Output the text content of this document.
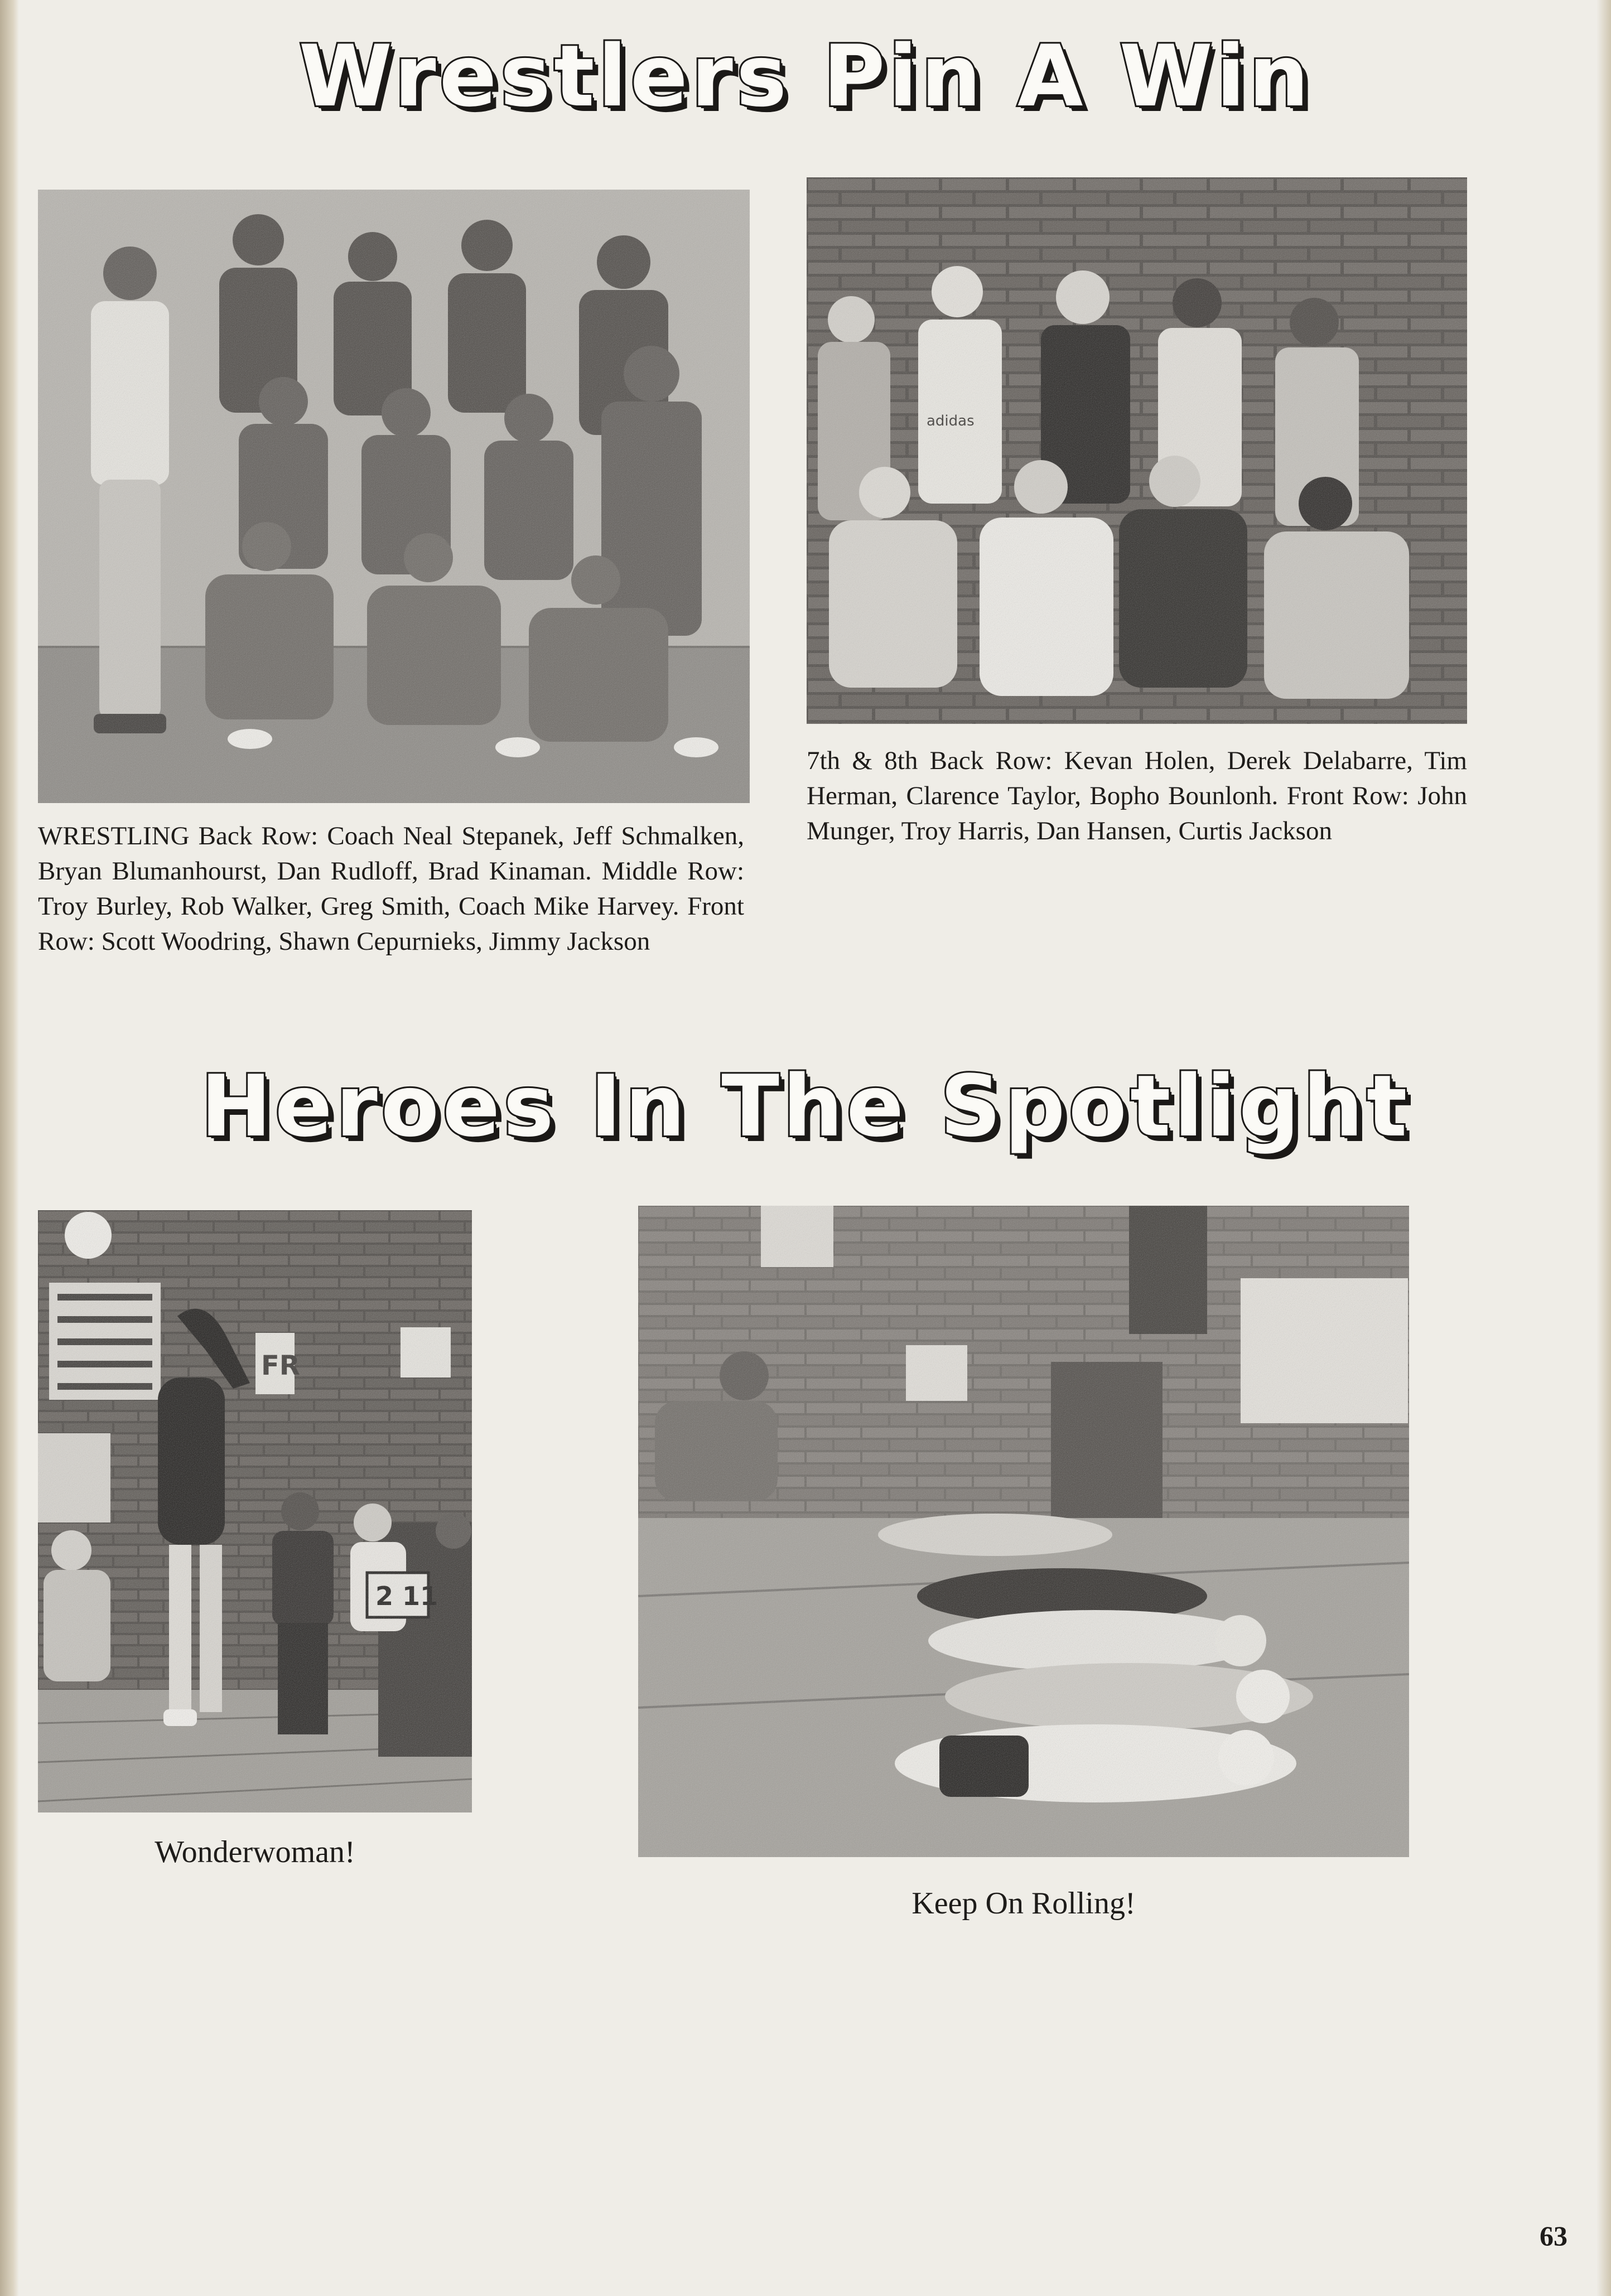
Wrestlers Pin A Win

WRESTLING Back Row: Coach Neal Stepanek, Jeff Schmalken, Bryan Blumanhourst, Dan Rudloff, Brad Kinaman. Middle Row: Troy Burley, Rob Walker, Greg Smith, Coach Mike Harvey. Front Row: Scott Woodring, Shawn Cepurnieks, Jimmy Jackson

7th & 8th Back Row: Kevan Holen, Derek Delabarre, Tim Herman, Clarence Taylor, Bopho Bounlonh. Front Row: John Munger, Troy Harris, Dan Hansen, Curtis Jackson

Heroes In The Spotlight

Wonderwoman!

Keep On Rolling!

63
